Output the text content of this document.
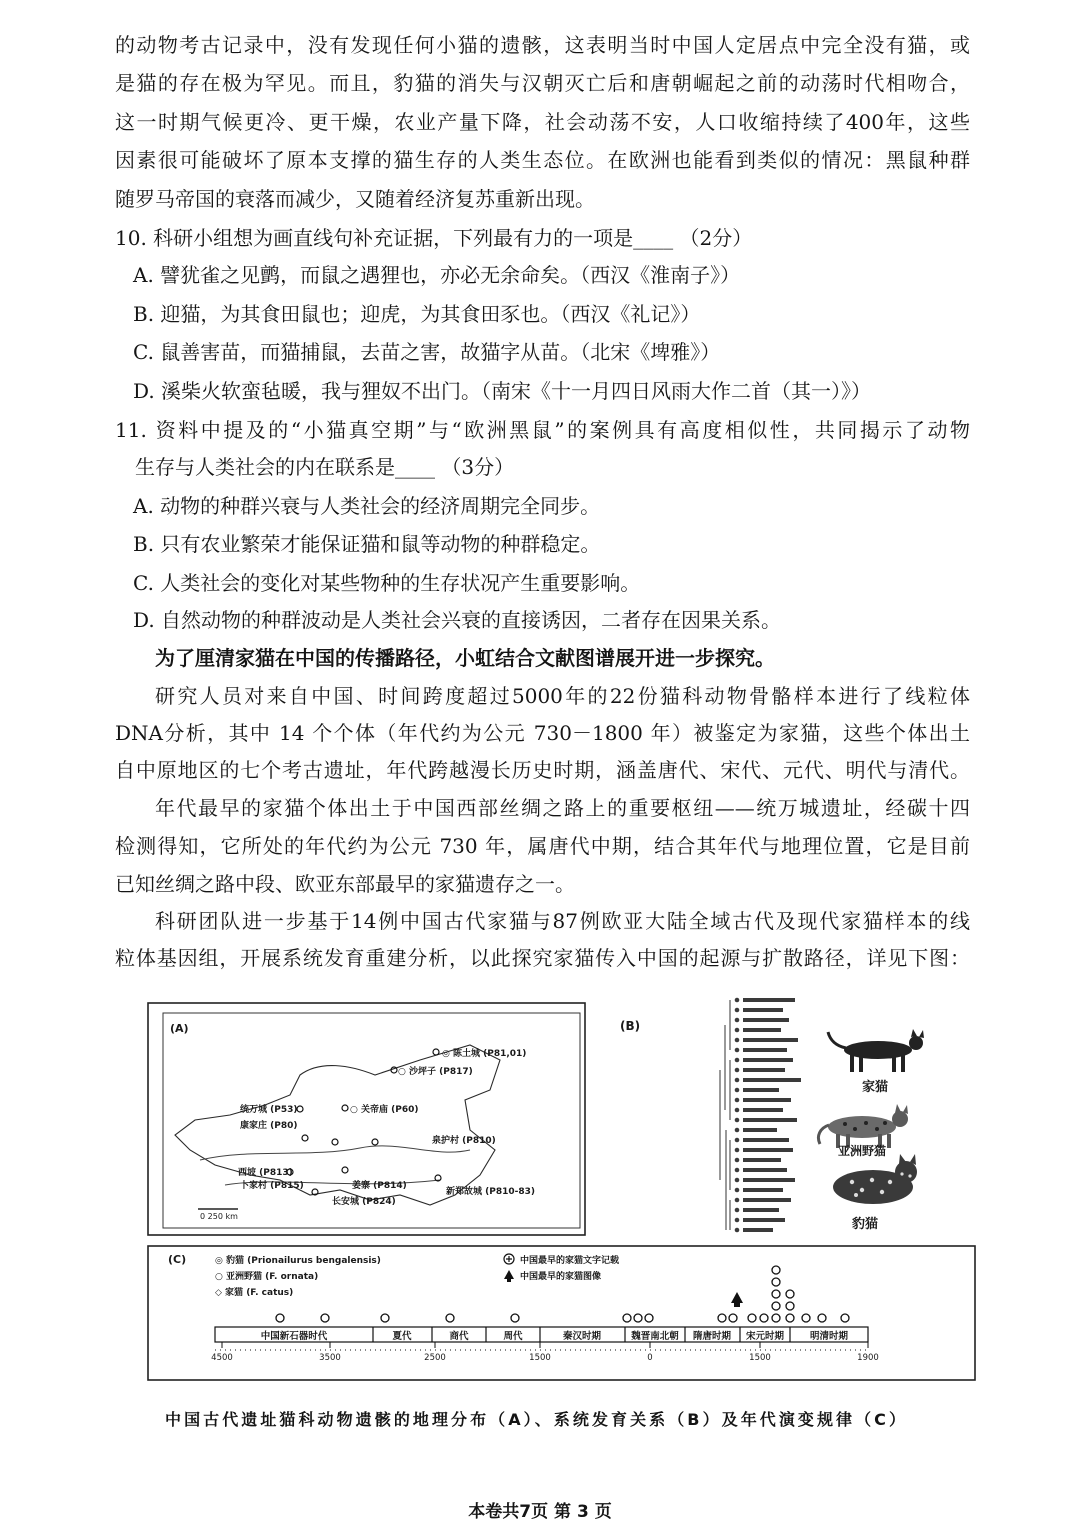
的动物考古记录中，没有发现任何小猫的遗骸，这表明当时中国人定居点中完全没有猫，或
是猫的存在极为罕见。而且，豹猫的消失与汉朝灭亡后和唐朝崛起之前的动荡时代相吻合，
这一时期气候更冷、更干燥，农业产量下降，社会动荡不安，人口收缩持续了400年，这些
因素很可能破坏了原本支撑的猫生存的人类生态位。在欧洲也能看到类似的情况：黑鼠种群
随罗马帝国的衰落而减少，又随着经济复苏重新出现。
10. 科研小组想为画直线句补充证据，下列最有力的一项是____ （2分）
A. 譬犹雀之见鹯，而鼠之遇狸也，亦必无余命矣。（西汉《淮南子》）
B. 迎猫，为其食田鼠也；迎虎，为其食田豕也。（西汉《礼记》）
C. 鼠善害苗，而猫捕鼠，去苗之害，故猫字从苗。（北宋《埤雅》）
D. 溪柴火软蛮毡暖，我与狸奴不出门。（南宋《十一月四日风雨大作二首（其一）》）
11. 资料中提及的“小猫真空期”与“欧洲黑鼠”的案例具有高度相似性，共同揭示了动物
生存与人类社会的内在联系是____ （3分）
A. 动物的种群兴衰与人类社会的经济周期完全同步。
B. 只有农业繁荣才能保证猫和鼠等动物的种群稳定。
C. 人类社会的变化对某些物种的生存状况产生重要影响。
D. 自然动物的种群波动是人类社会兴衰的直接诱因，二者存在因果关系。
为了厘清家猫在中国的传播路径，小虹结合文献图谱展开进一步探究。
研究人员对来自中国、时间跨度超过5000年的22份猫科动物骨骼样本进行了线粒体
DNA分析，其中 14 个个体（年代约为公元 730－1800 年）被鉴定为家猫，这些个体出土
自中原地区的七个考古遗址，年代跨越漫长历史时期，涵盖唐代、宋代、元代、明代与清代。
年代最早的家猫个体出土于中国西部丝绸之路上的重要枢纽——统万城遗址，经碳十四
检测得知，它所处的年代约为公元 730 年，属唐代中期，结合其年代与地理位置，它是目前
已知丝绸之路中段、欧亚东部最早的家猫遗存之一。
科研团队进一步基于14例中国古代家猫与87例欧亚大陆全域古代及现代家猫样本的线
粒体基因组，开展系统发育重建分析，以此探究家猫传入中国的起源与扩散路径，详见下图：
(A)
◎ 陈土城 (P81,01)
○ 沙坪子 (P817)
统万城 (P53)	○ 关帝庙 (P60)
康家庄 (P80)
泉护村 (P810)
西坡 (P813)
卜家村 (P815)	姜寨 (P814)
长安城 (P824)
新郑故城 (P810-83)
0 250 km
(B)
家猫
亚洲野猫
豹猫
(C)	◎ 豹猫 (Prionailurus bengalensis)
○ 亚洲野猫 (F. ornata)
◇ 家猫 (F. catus)
中国最早的家猫文字记载
中国最早的家猫图像
中国新石器时代	夏代	商代	周代	秦汉时期	魏晋南北朝 隋唐时期 宋元时期	明清时期
4500	3500	2500	1500	0	1500	1900
中国古代遗址猫科动物遗骸的地理分布（A）、系统发育关系（B）及年代演变规律（C）
本卷共7页 第 3 页
